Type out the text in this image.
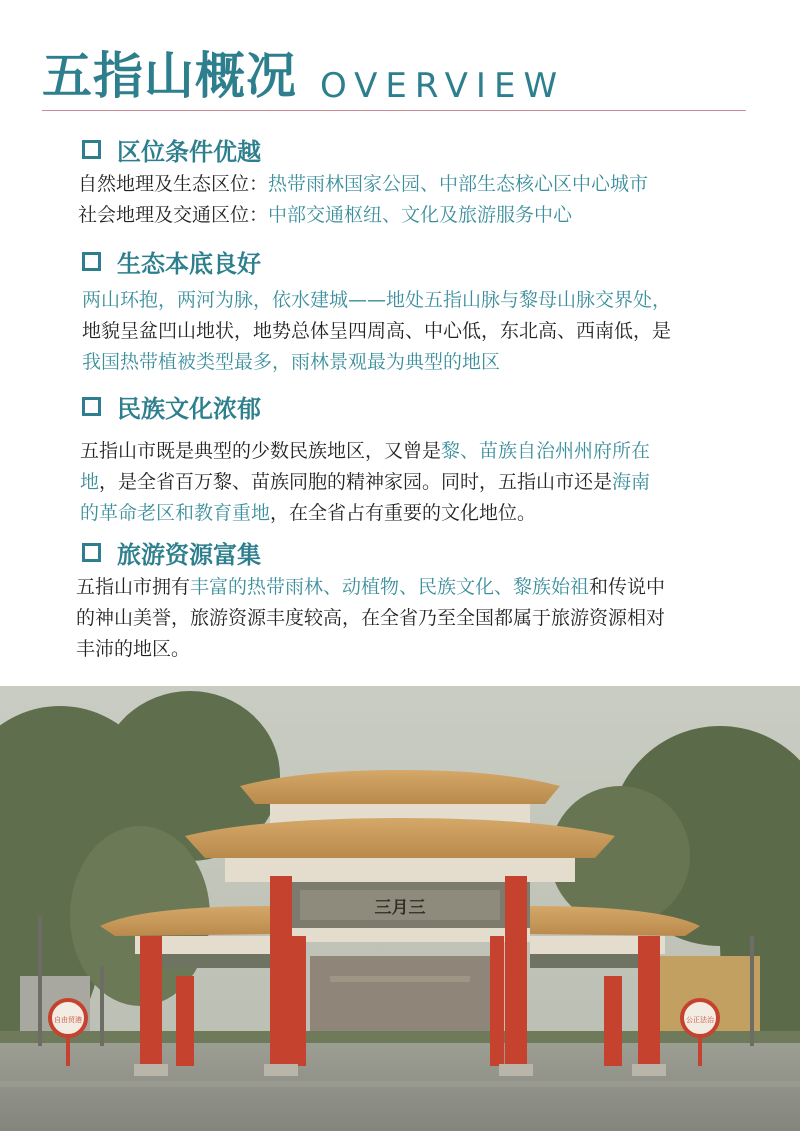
五指山概况 OVERVIEW
区位条件优越
自然地理及生态区位：热带雨林国家公园、中部生态核心区中心城市
社会地理及交通区位：中部交通枢纽、文化及旅游服务中心
生态本底良好
两山环抱，两河为脉，依水建城——地处五指山脉与黎母山脉交界处，
地貌呈盆凹山地状，地势总体呈四周高、中心低，东北高、西南低，是
我国热带植被类型最多，雨林景观最为典型的地区
民族文化浓郁
五指山市既是典型的少数民族地区，又曾是黎、苗族自治州州府所在
地，是全省百万黎、苗族同胞的精神家园。同时，五指山市还是海南
的革命老区和教育重地，在全省占有重要的文化地位。
旅游资源富集
五指山市拥有丰富的热带雨林、动植物、民族文化、黎族始祖和传说中
的神山美誉，旅游资源丰度较高，在全省乃至全国都属于旅游资源相对
丰沛的地区。
三月三
自由贸港	公正法治
